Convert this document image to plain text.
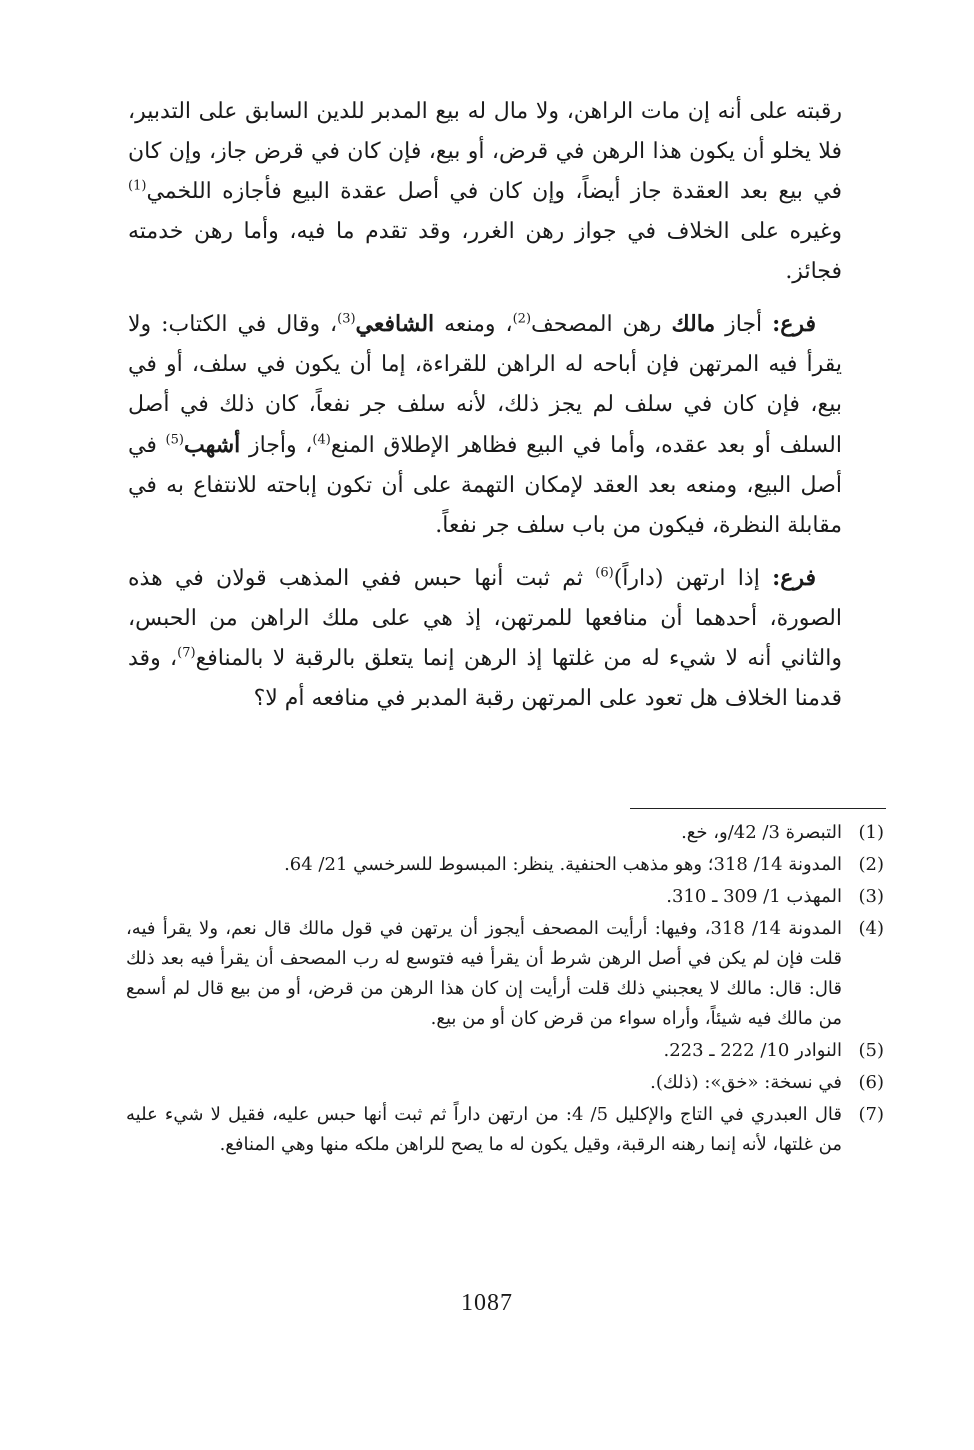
رقبته على أنه إن مات الراهن، ولا مال له بيع المدبر للدين السابق على التدبير، فلا يخلو أن يكون هذا الرهن في قرض، أو بيع، فإن كان في قرض جاز، وإن كان في بيع بعد العقدة جاز أيضاً، وإن كان في أصل عقدة البيع فأجازه اللخمي$^{(1)}$ وغيره على الخلاف في جواز رهن الغرر، وقد تقدم ما فيه، وأما رهن خدمته فجائز.

فرع: أجاز مالك رهن المصحف$^{(2)}$، ومنعه الشافعي$^{(3)}$، وقال في الكتاب: ولا يقرأ فيه المرتهن فإن أباحه له الراهن للقراءة، إما أن يكون في سلف، أو في بيع، فإن كان في سلف لم يجز ذلك، لأنه سلف جر نفعاً، كان ذلك في أصل السلف أو بعد عقده، وأما في البيع فظاهر الإطلاق المنع$^{(4)}$، وأجاز أشهب$^{(5)}$ في أصل البيع، ومنعه بعد العقد لإمكان التهمة على أن تكون إباحته للانتفاع به في مقابلة النظرة، فيكون من باب سلف جر نفعاً.

فرع: إذا ارتهن (داراً)$^{(6)}$ ثم ثبت أنها حبس ففي المذهب قولان في هذه الصورة، أحدهما أن منافعها للمرتهن، إذ هي على ملك الراهن من الحبس، والثاني أنه لا شيء له من غلتها إذ الرهن إنما يتعلق بالرقبة لا بالمنافع$^{(7)}$، وقد قدمنا الخلاف هل تعود على المرتهن رقبة المدبر في منافعه أم لا؟

(1)
التبصرة 3/ 42/و، خع.
(2)
المدونة 14/ 318؛ وهو مذهب الحنفية. ينظر: المبسوط للسرخسي 21/ 64.
(3)
المهذب 1/ 309 ـ 310.
(4)
المدونة 14/ 318، وفيها: أرأيت المصحف أيجوز أن يرتهن في قول مالك قال نعم، ولا يقرأ فيه، قلت فإن لم يكن في أصل الرهن شرط أن يقرأ فيه فتوسع له رب المصحف أن يقرأ فيه بعد ذلك قال: قال: مالك لا يعجبني ذلك قلت أرأيت إن كان هذا الرهن من قرض، أو من بيع قال لم أسمع من مالك فيه شيئاً، وأراه سواء من قرض كان أو من بيع.
(5)
النوادر 10/ 222 ـ 223.
(6)
في نسخة: «خق»: (ذلك).
(7)
قال العبدري في التاج والإكليل 5/ 4: من ارتهن داراً ثم ثبت أنها حبس عليه، فقيل لا شيء عليه من غلتها، لأنه إنما رهنه الرقبة، وقيل يكون له ما يصح للراهن ملكه منها وهي المنافع.
1087
